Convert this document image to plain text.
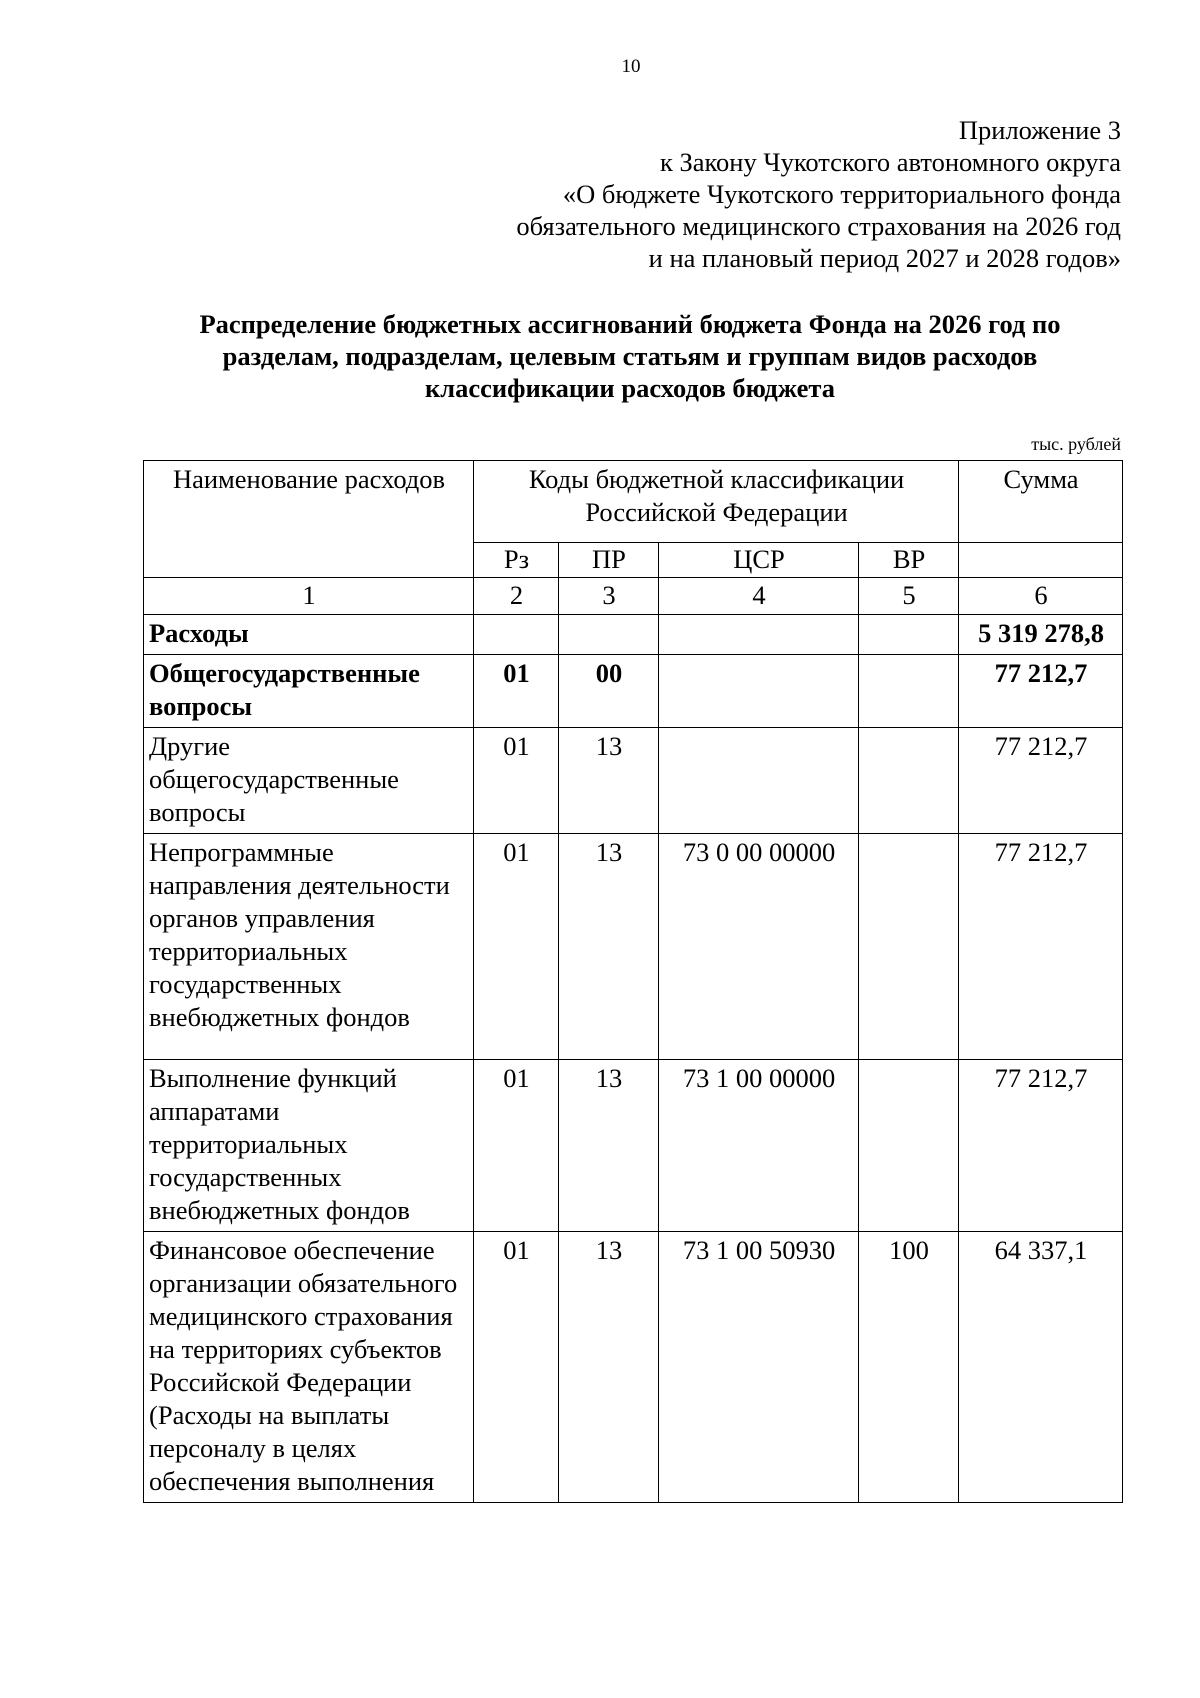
10
Приложение 3
к Закону Чукотского автономного округа
«О бюджете Чукотского территориального фонда
обязательного медицинского страхования на 2026 год
и на плановый период 2027 и 2028 годов»
Распределение бюджетных ассигнований бюджета Фонда на 2026 год по
разделам, подразделам, целевым статьям и группам видов расходов
классификации расходов бюджета
тыс. рублей
Наименование расходов	Коды бюджетной классификации Российской Федерации				Сумма
	Рз	ПР	ЦСР	ВР	
1	2	3	4	5	6
Расходы					5 319 278,8
Общегосударственные вопросы	01	00			77 212,7
Другие общегосударственные вопросы	01	13			77 212,7
Непрограммные направления деятельности органов управления территориальных государственных внебюджетных фондов	01	13	73 0 00 00000		77 212,7
Выполнение функций аппаратами территориальных государственных внебюджетных фондов	01	13	73 1 00 00000		77 212,7
Финансовое обеспечение организации обязательного медицинского страхования на территориях субъектов Российской Федерации (Расходы на выплаты персоналу в целях обеспечения выполнения	01	13	73 1 00 50930	100	64 337,1
